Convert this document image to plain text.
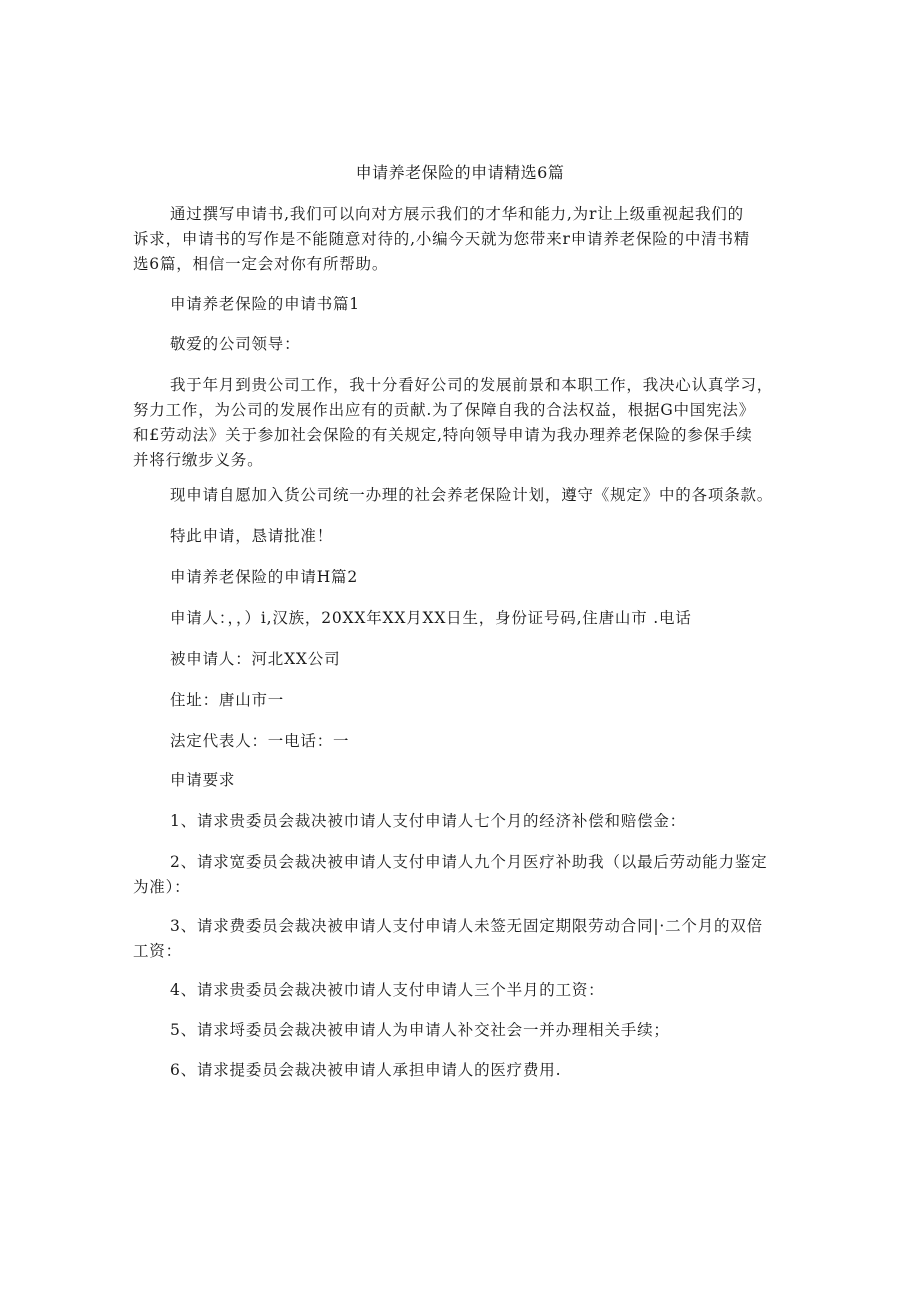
申请养老保险的申请精选6篇
通过撰写申请书,我们可以向对方展示我们的才华和能力,为r让上级重视起我们的
诉求，申请书的写作是不能随意对待的,小编今天就为您带来r申请养老保险的中清书精
选6篇，相信一定会对你有所帮助。
申请养老保险的申请书篇1
敬爱的公司领导：
我于年月到贵公司工作，我十分看好公司的发展前景和本职工作，我决心认真学习，
努力工作，为公司的发展作出应有的贡献.为了保障自我的合法权益，根据G中国宪法》
和£劳动法》关于参加社会保险的有关规定,特向领导申请为我办理养老保险的参保手续
并将行缴步义务。
现申请自愿加入货公司统一办理的社会养老保险计划，遵守《规定》中的各项条款。
特此申请，恳请批准！
申请养老保险的申请H篇2
申请人：，，）i,汉族，20XX年XX月XX日生，身份证号码,住唐山市 .电话
被申请人：河北XX公司
住址：唐山市一
法定代表人：一电话：一
申请要求
1、请求贵委员会裁决被巾请人支付申请人七个月的经济补偿和赔偿金：
2、请求宽委员会裁决被申请人支付申请人九个月医疗补助我（以最后劳动能力鉴定
为准）：
3、请求费委员会裁决被申请人支付申请人未签无固定期限劳动合同|·二个月的双倍
工资：
4、请求贵委员会裁决被巾请人支付申请人三个半月的工资：
5、请求埒委员会裁决被申请人为申请人补交社会一并办理相关手续；
6、请求提委员会裁决被申请人承担申请人的医疗费用.
